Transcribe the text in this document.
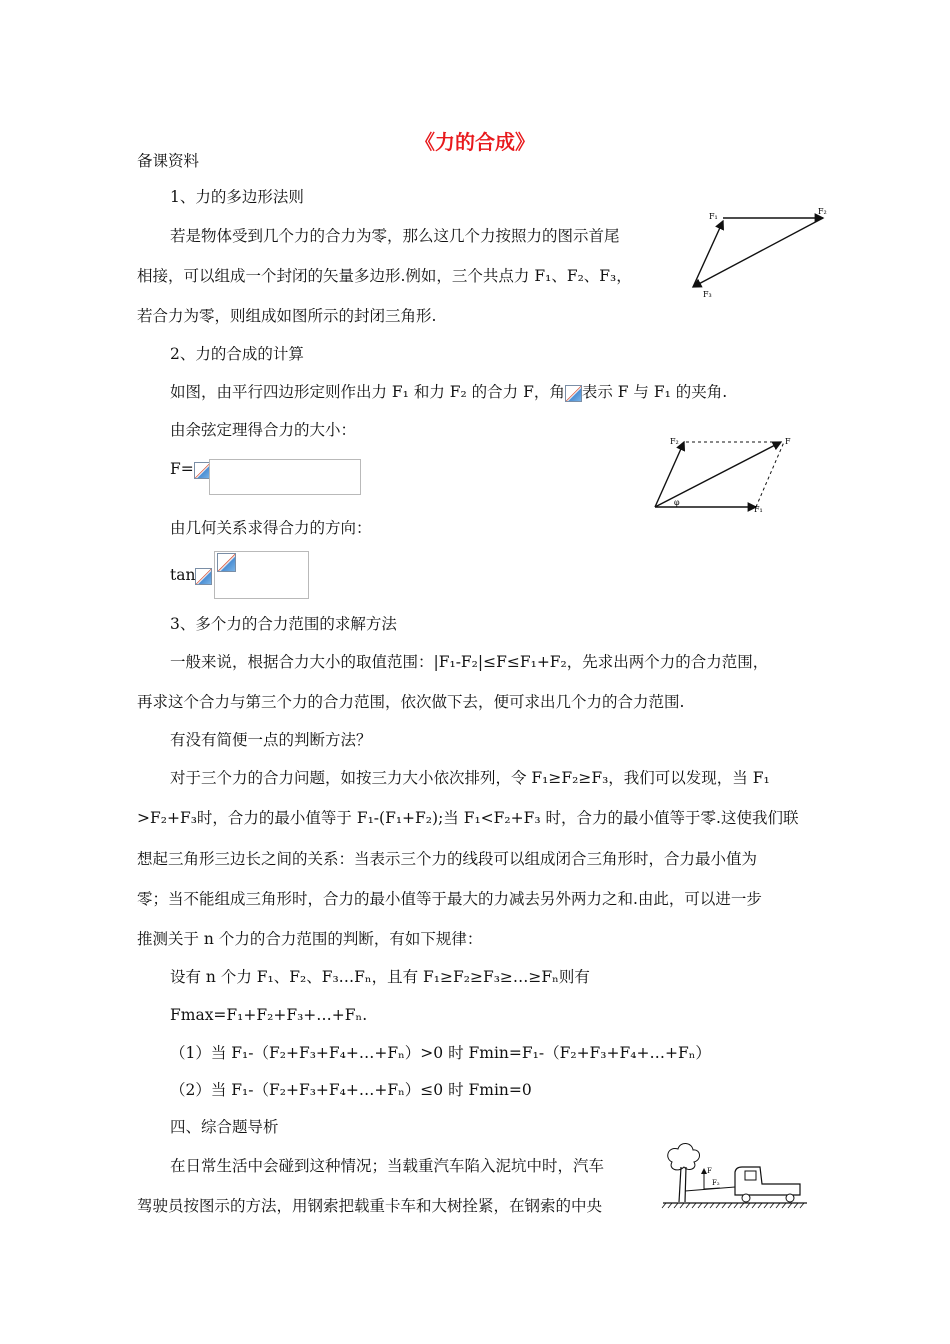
《力的合成》
备课资料
1、力的多边形法则
若是物体受到几个力的合力为零，那么这几个力按照力的图示首尾
相接，可以组成一个封闭的矢量多边形.例如，三个共点力 F₁、F₂、F₃，
若合力为零，则组成如图所示的封闭三角形.
F₁
F₂
F₃
2、力的合成的计算
如图，由平行四边形定则作出力 F₁ 和力 F₂ 的合力 F，角 表示 F 与 F₁ 的夹角.
由余弦定理得合力的大小：
F=
F₂	F
F₁
φ
由几何关系求得合力的方向：
tan
3、多个力的合力范围的求解方法
一般来说，根据合力大小的取值范围：|F₁-F₂|≤F≤F₁+F₂，先求出两个力的合力范围，
再求这个合力与第三个力的合力范围，依次做下去，便可求出几个力的合力范围.
有没有简便一点的判断方法？
对于三个力的合力问题，如按三力大小依次排列，令 F₁≥F₂≥F₃，我们可以发现，当 F₁
>F₂+F₃时，合力的最小值等于 F₁-(F₁+F₂);当 F₁<F₂+F₃ 时，合力的最小值等于零.这使我们联
想起三角形三边长之间的关系：当表示三个力的线段可以组成闭合三角形时，合力最小值为
零；当不能组成三角形时，合力的最小值等于最大的力减去另外两力之和.由此，可以进一步
推测关于 n 个力的合力范围的判断，有如下规律：
设有 n 个力 F₁、F₂、F₃…Fₙ，且有 F₁≥F₂≥F₃≥…≥Fₙ则有
Fmax=F₁+F₂+F₃+…+Fₙ.
（1）当 F₁-（F₂+F₃+F₄+…+Fₙ）>0 时 Fmin=F₁-（F₂+F₃+F₄+…+Fₙ）
（2）当 F₁-（F₂+F₃+F₄+…+Fₙ）≤0 时 Fmin=0
四、综合题导析
在日常生活中会碰到这种情况；当载重汽车陷入泥坑中时，汽车
驾驶员按图示的方法，用钢索把载重卡车和大树拴紧，在钢索的中央
F
F₂
